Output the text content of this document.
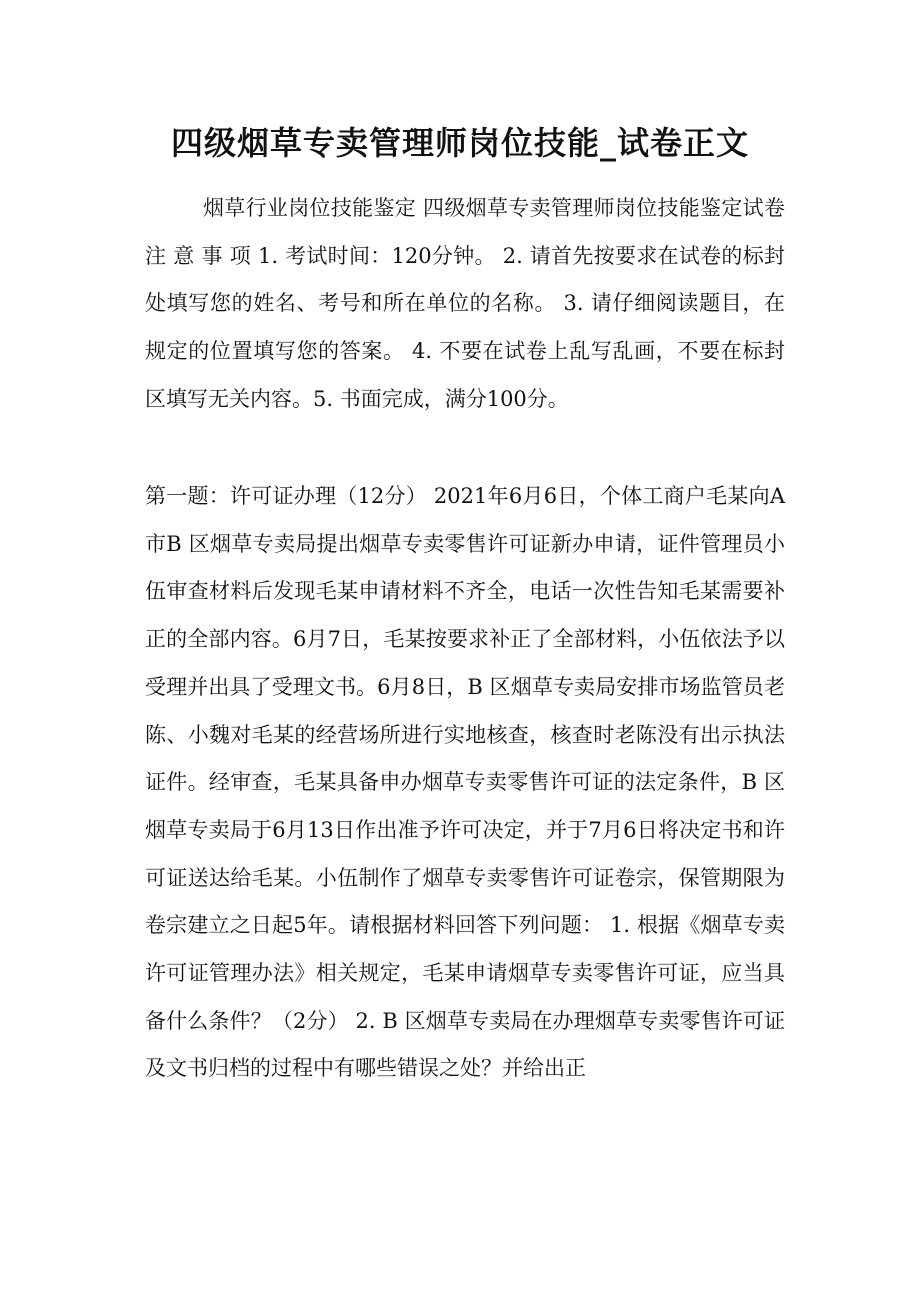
四级烟草专卖管理师岗位技能_试卷正文

烟草行业岗位技能鉴定 四级烟草专卖管理师岗位技能鉴定试卷 注 意 事 项 1. 考试时间：120分钟。 2. 请首先按要求在试卷的标封处填写您的姓名、考号和所在单位的名称。 3. 请仔细阅读题目，在规定的位置填写您的答案。 4. 不要在试卷上乱写乱画，不要在标封区填写无关内容。5. 书面完成，满分100分。

第一题：许可证办理（12分） 2021年6月6日，个体工商户毛某向A 市B 区烟草专卖局提出烟草专卖零售许可证新办申请，证件管理员小伍审查材料后发现毛某申请材料不齐全，电话一次性告知毛某需要补正的全部内容。6月7日，毛某按要求补正了全部材料，小伍依法予以受理并出具了受理文书。6月8日，B 区烟草专卖局安排市场监管员老陈、小魏对毛某的经营场所进行实地核查，核查时老陈没有出示执法证件。经审查，毛某具备申办烟草专卖零售许可证的法定条件，B 区烟草专卖局于6月13日作出准予许可决定，并于7月6日将决定书和许可证送达给毛某。小伍制作了烟草专卖零售许可证卷宗，保管期限为卷宗建立之日起5年。请根据材料回答下列问题： 1. 根据《烟草专卖许可证管理办法》相关规定，毛某申请烟草专卖零售许可证，应当具备什么条件？（2分） 2. B 区烟草专卖局在办理烟草专卖零售许可证及文书归档的过程中有哪些错误之处？并给出正
